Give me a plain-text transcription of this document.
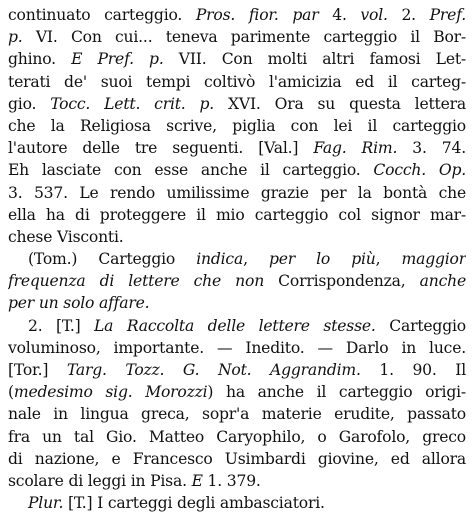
continuato carteggio. Pros. fior. par 4. vol. 2. Pref.
p. VI. Con cui... teneva parimente carteggio il Bor-
ghino. E Pref. p. VII. Con molti altri famosi Let-
terati de' suoi tempi coltivò l'amicizia ed il carteg-
gio. Tocc. Lett. crit. p. XVI. Ora su questa lettera
che la Religiosa scrive, piglia con lei il carteggio
l'autore delle tre seguenti. [Val.] Fag. Rim. 3. 74.
Eh lasciate con esse anche il carteggio. Cocch. Op.
3. 537. Le rendo umilissime grazie per la bontà che
ella ha di proteggere il mio carteggio col signor mar-
chese Visconti.
(Tom.) Carteggio indica, per lo più, maggior
frequenza di lettere che non Corrispondenza, anche
per un solo affare.
2. [T.] La Raccolta delle lettere stesse. Carteggio
voluminoso, importante. — Inedito. — Darlo in luce.
[Tor.] Targ. Tozz. G. Not. Aggrandim. 1. 90. Il
(medesimo sig. Morozzi) ha anche il carteggio origi-
nale in lingua greca, sopr'a materie erudite, passato
fra un tal Gio. Matteo Caryophilo, o Garofolo, greco
di nazione, e Francesco Usimbardi giovine, ed allora
scolare di leggi in Pisa. E 1. 379.
Plur. [T.] I carteggi degli ambasciatori.
